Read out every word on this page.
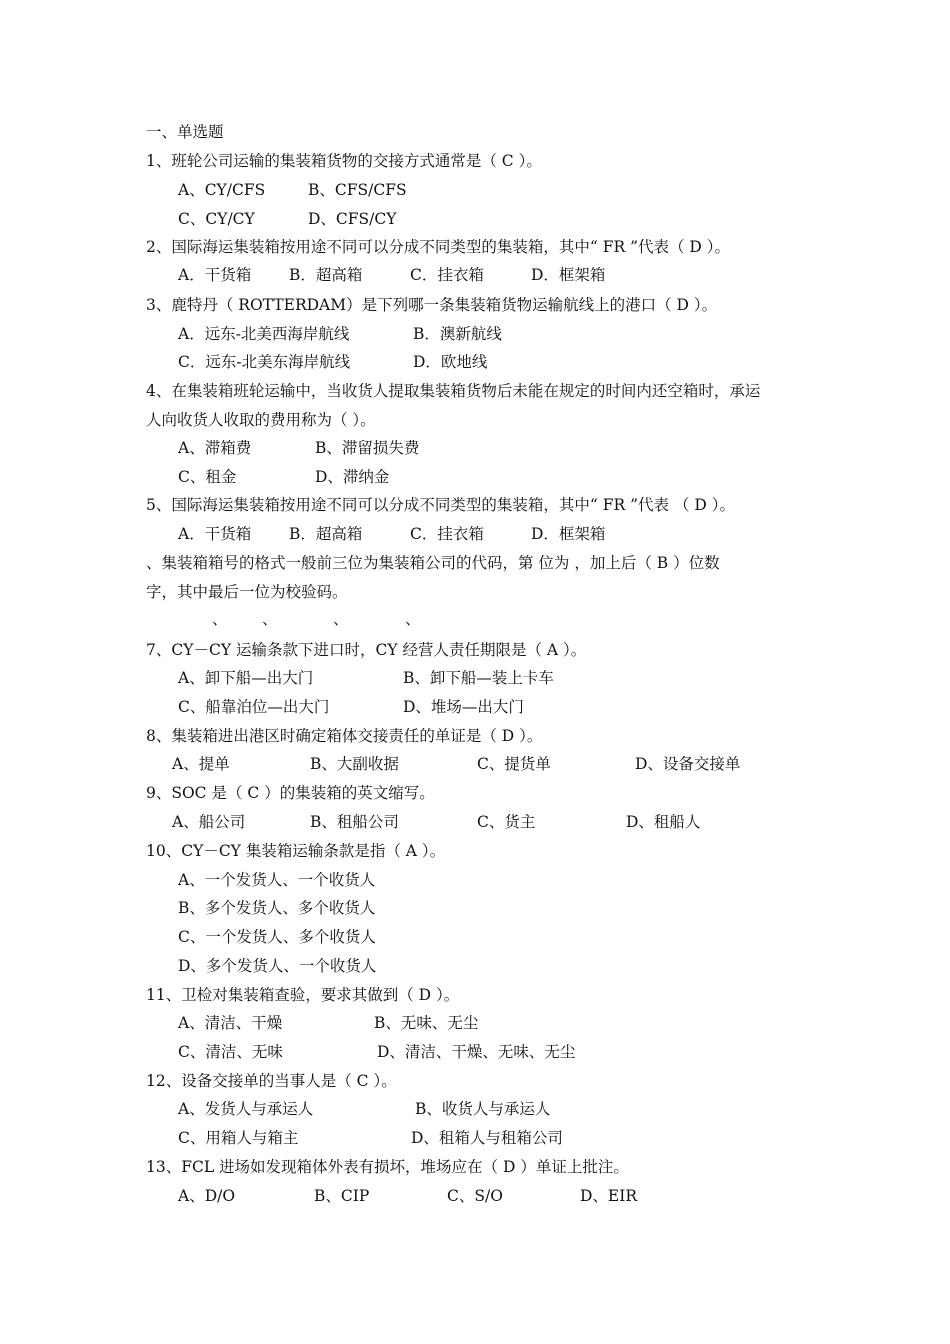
一、单选题
1、班轮公司运输的集装箱货物的交接方式通常是（ C ）。
A、CY/CFS	B、CFS/CFS
C、CY/CY	D、CFS/CY
2、国际海运集装箱按用途不同可以分成不同类型的集装箱，其中“ FR ”代表（ D ）。
A．干货箱 B．超高箱	C．挂衣箱	D．框架箱
3、鹿特丹（ ROTTERDAM）是下列哪一条集装箱货物运输航线上的港口（ D ）。
A．远东-北美西海岸航线	B．澳新航线
C．远东-北美东海岸航线	D．欧地线
4、在集装箱班轮运输中，当收货人提取集装箱货物后未能在规定的时间内还空箱时，承运
人向收货人收取的费用称为（ ）。
A、滞箱费	B、滞留损失费
C、租金	D、滞纳金
5、国际海运集装箱按用途不同可以分成不同类型的集装箱，其中“ FR ”代表 （ D ）。
A．干货箱 B．超高箱	C．挂衣箱	D．框架箱
、集装箱箱号的格式一般前三位为集装箱公司的代码，第 位为 ，加上后（ B ）位数
字，其中最后一位为校验码。
、 、	、	、
7、CY－CY 运输条款下进口时，CY 经营人责任期限是（ A ）。
A、卸下船—出大门	B、卸下船—装上卡车
C、船靠泊位—出大门	D、堆场—出大门
8、集装箱进出港区时确定箱体交接责任的单证是（ D ）。
A、提单	B、大副收据	C、提货单	D、设备交接单
9、SOC 是（ C ）的集装箱的英文缩写。
A、船公司	B、租船公司	C、货主	D、租船人
10、CY－CY 集装箱运输条款是指（ A ）。
A、一个发货人、一个收货人
B、多个发货人、多个收货人
C、一个发货人、多个收货人
D、多个发货人、一个收货人
11、卫检对集装箱查验，要求其做到（ D ）。
A、清洁、干燥	B、无味、无尘
C、清洁、无味	D、清洁、干燥、无味、无尘
12、设备交接单的当事人是（ C ）。
A、发货人与承运人	B、收货人与承运人
C、用箱人与箱主	D、租箱人与租箱公司
13、FCL 进场如发现箱体外表有损坏，堆场应在（ D ）单证上批注。
A、D/O	B、CIP	C、S/O	D、EIR
